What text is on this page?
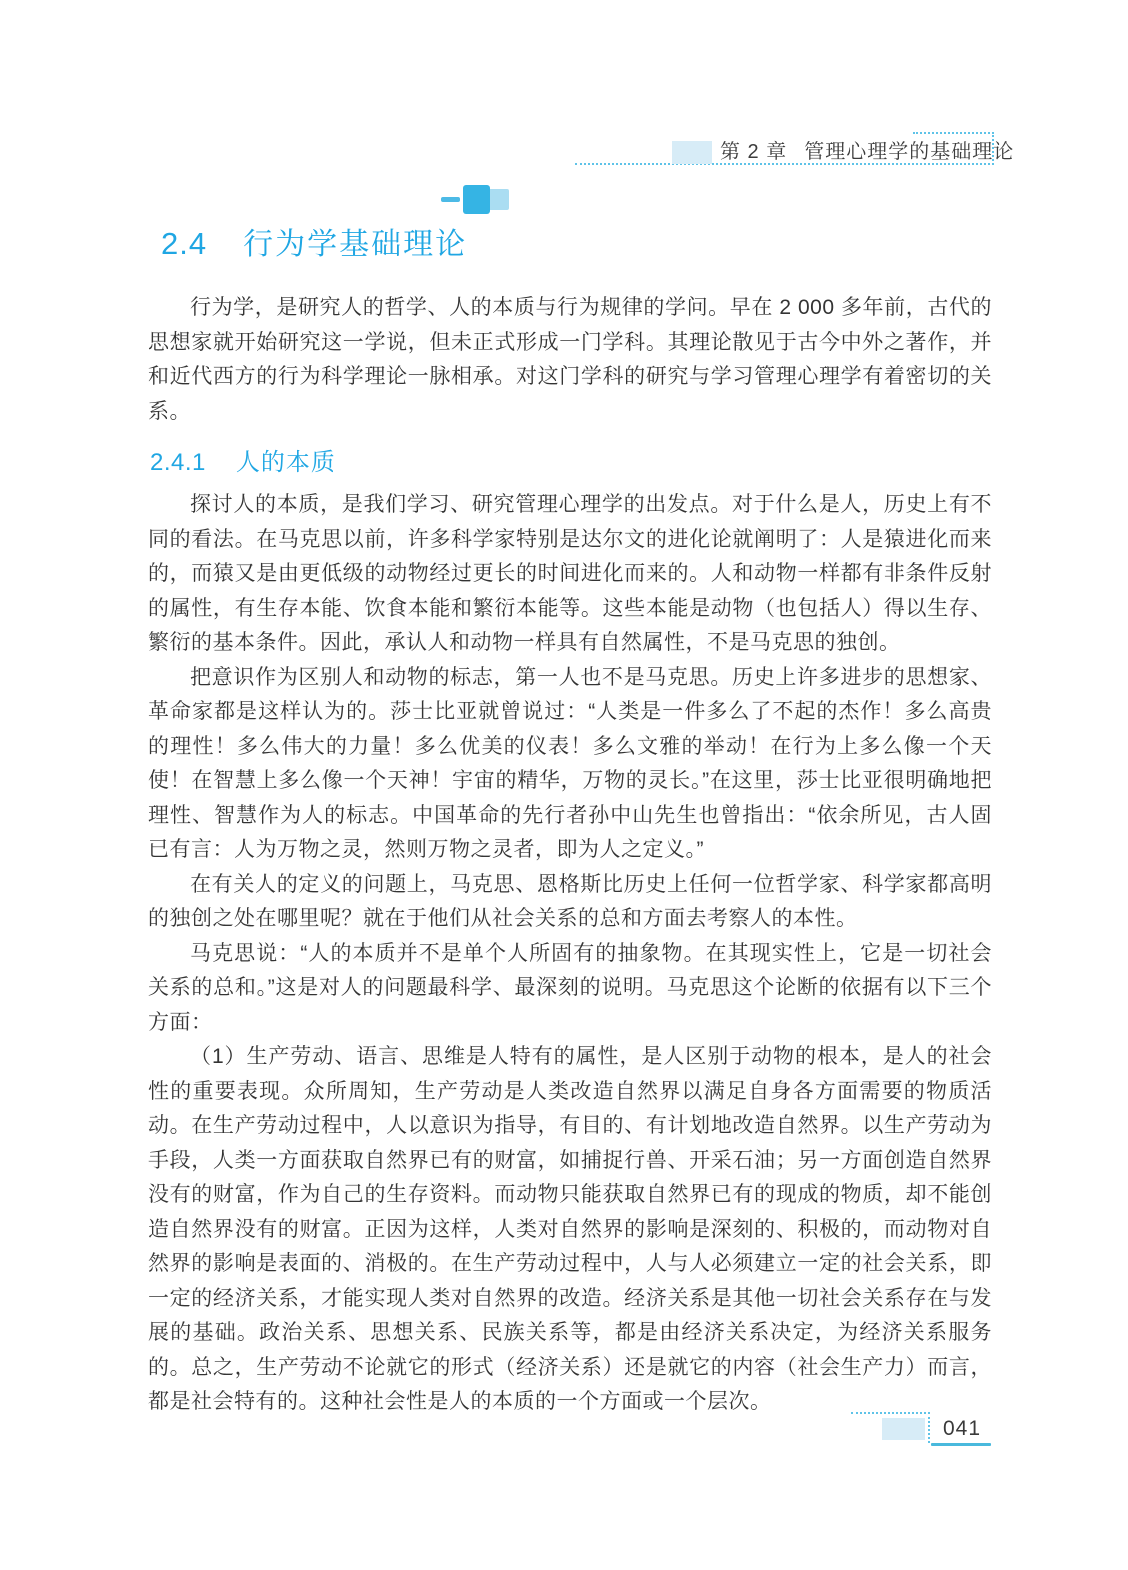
第 2 章 管理心理学的基础理论
2.4 行为学基础理论

行为学，是研究人的哲学、人的本质与行为规律的学问。早在 2 000 多年前，古代的思想家就开始研究这一学说，但未正式形成一门学科。其理论散见于古今中外之著作，并和近代西方的行为科学理论一脉相承。对这门学科的研究与学习管理心理学有着密切的关系。

2.4.1 人的本质

探讨人的本质，是我们学习、研究管理心理学的出发点。对于什么是人，历史上有不同的看法。在马克思以前，许多科学家特别是达尔文的进化论就阐明了：人是猿进化而来的，而猿又是由更低级的动物经过更长的时间进化而来的。人和动物一样都有非条件反射的属性，有生存本能、饮食本能和繁衍本能等。这些本能是动物（也包括人）得以生存、繁衍的基本条件。因此，承认人和动物一样具有自然属性，不是马克思的独创。

把意识作为区别人和动物的标志，第一人也不是马克思。历史上许多进步的思想家、革命家都是这样认为的。莎士比亚就曾说过：“人类是一件多么了不起的杰作！多么高贵的理性！多么伟大的力量！多么优美的仪表！多么文雅的举动！在行为上多么像一个天使！在智慧上多么像一个天神！宇宙的精华，万物的灵长。”在这里，莎士比亚很明确地把理性、智慧作为人的标志。中国革命的先行者孙中山先生也曾指出：“依余所见，古人固已有言：人为万物之灵，然则万物之灵者，即为人之定义。”

在有关人的定义的问题上，马克思、恩格斯比历史上任何一位哲学家、科学家都高明的独创之处在哪里呢？就在于他们从社会关系的总和方面去考察人的本性。

马克思说：“人的本质并不是单个人所固有的抽象物。在其现实性上，它是一切社会关系的总和。”这是对人的问题最科学、最深刻的说明。马克思这个论断的依据有以下三个方面：

（1）生产劳动、语言、思维是人特有的属性，是人区别于动物的根本，是人的社会性的重要表现。众所周知，生产劳动是人类改造自然界以满足自身各方面需要的物质活动。在生产劳动过程中，人以意识为指导，有目的、有计划地改造自然界。以生产劳动为手段，人类一方面获取自然界已有的财富，如捕捉行兽、开采石油；另一方面创造自然界没有的财富，作为自己的生存资料。而动物只能获取自然界已有的现成的物质，却不能创造自然界没有的财富。正因为这样，人类对自然界的影响是深刻的、积极的，而动物对自然界的影响是表面的、消极的。在生产劳动过程中，人与人必须建立一定的社会关系，即一定的经济关系，才能实现人类对自然界的改造。经济关系是其他一切社会关系存在与发展的基础。政治关系、思想关系、民族关系等，都是由经济关系决定，为经济关系服务的。总之，生产劳动不论就它的形式（经济关系）还是就它的内容（社会生产力）而言，都是社会特有的。这种社会性是人的本质的一个方面或一个层次。

041
